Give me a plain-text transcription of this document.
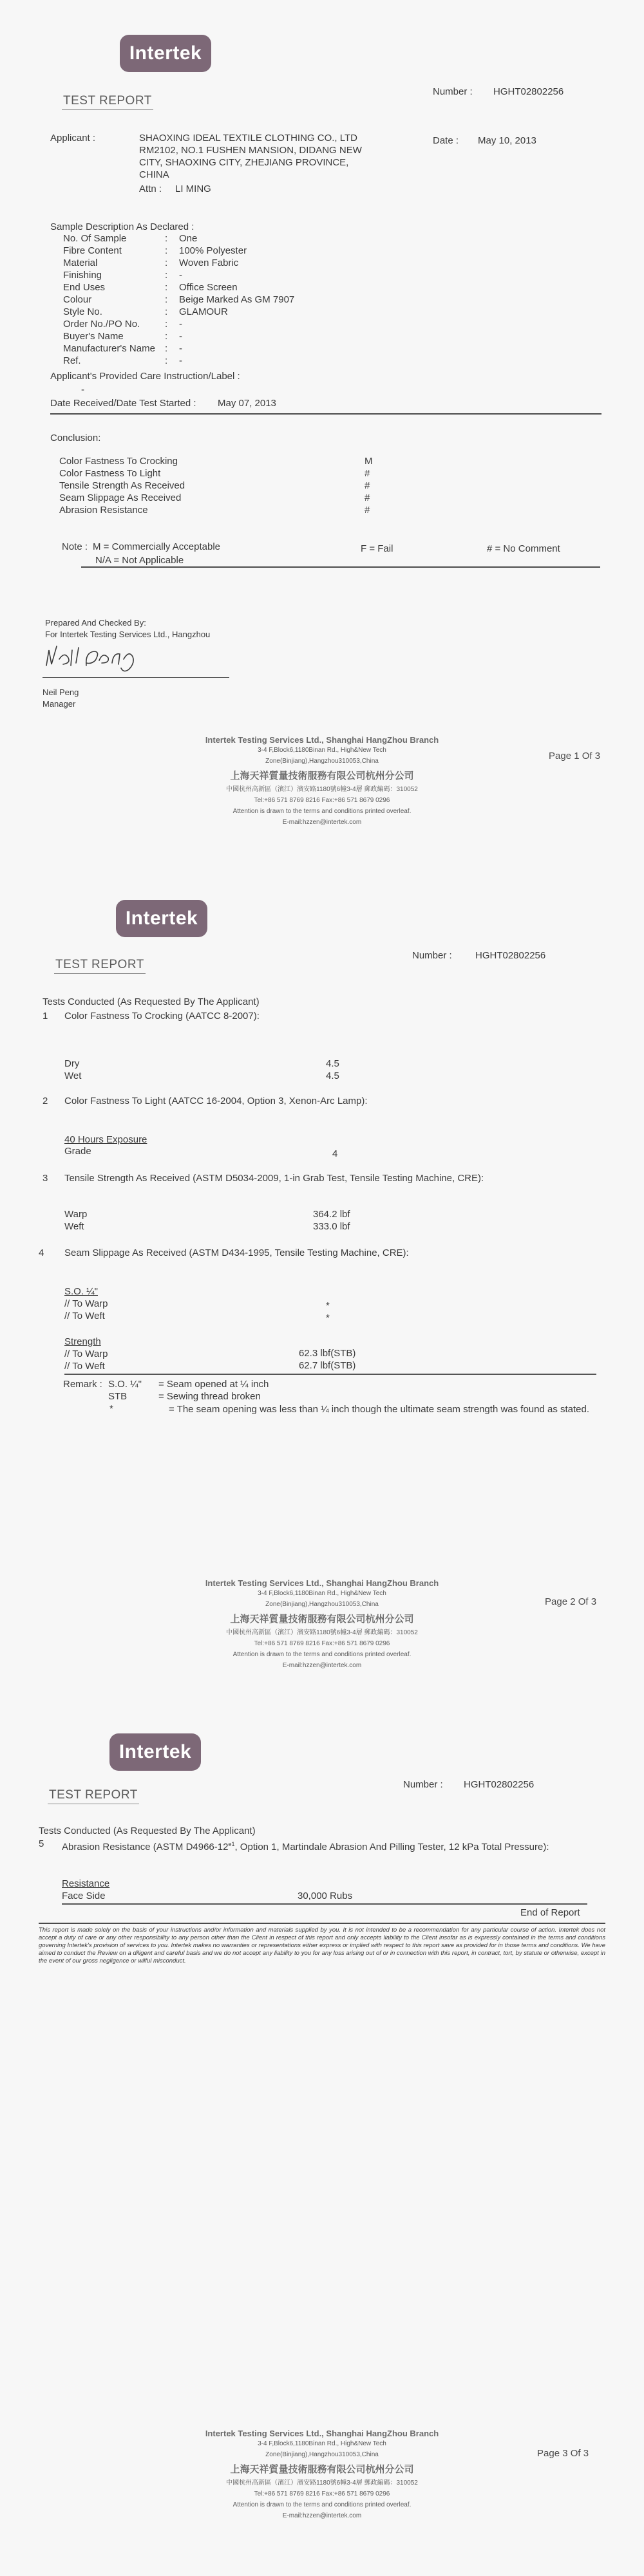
Intertek
TEST REPORT
Number : HGHT02802256
Applicant :	SHAOXING IDEAL TEXTILE CLOTHING CO., LTD
RM2102, NO.1 FUSHEN MANSION, DIDANG NEW
CITY, SHAOXING CITY, ZHEJIANG PROVINCE,
CHINA
Attn : LI MING
Date : May 10, 2013
Sample Description As Declared :
No. Of Sample	: One
Fibre Content	: 100% Polyester
Material	: Woven Fabric
Finishing	: -
End Uses	: Office Screen
Colour	: Beige Marked As GM 7907
Style No.	: GLAMOUR
Order No./PO No.	: -
Buyer's Name	: -
Manufacturer's Name : -
Ref.	: -
Applicant's Provided Care Instruction/Label :
-
Date Received/Date Test Started : May 07, 2013
Conclusion:
Color Fastness To Crocking	M
Color Fastness To Light	#
Tensile Strength As Received	#
Seam Slippage As Received	#
Abrasion Resistance	#
Note : M = Commercially Acceptable
N/A = Not Applicable
F = Fail	# = No Comment
Prepared And Checked By:
For Intertek Testing Services Ltd., Hangzhou
Neil Peng
Manager
Intertek Testing Services Ltd., Shanghai HangZhou Branch
3-4 F,Block6,1180Binan Rd., High&New Tech
Zone(Binjiang),Hangzhou310053,China
上海天祥質量技術服務有限公司杭州分公司
中國杭州高新區（濱江）濱安路1180號6幢3-4層 郵政編碼：310052
Tel:+86 571 8769 8216 Fax:+86 571 8679 0296
Attention is drawn to the terms and conditions printed overleaf.
E-mail:hzzen@intertek.com
Page 1 Of 3
Intertek
TEST REPORT
Number : HGHT02802256
Tests Conducted (As Requested By The Applicant)
1 Color Fastness To Crocking (AATCC 8-2007):
Dry	4.5
Wet	4.5
2 Color Fastness To Light (AATCC 16-2004, Option 3, Xenon-Arc Lamp):
40 Hours Exposure
Grade	4
3 Tensile Strength As Received (ASTM D5034-2009, 1-in Grab Test, Tensile Testing Machine, CRE):
Warp	364.2 lbf
Weft	333.0 lbf
4 Seam Slippage As Received (ASTM D434-1995, Tensile Testing Machine, CRE):
S.O. ¼"
// To Warp	*
// To Weft	*
Strength
// To Warp	62.3 lbf(STB)
// To Weft	62.7 lbf(STB)
Remark : S.O. ¼" = Seam opened at ¼ inch
STB	= Sewing thread broken
*	= The seam opening was less than ¼ inch though the ultimate seam strength was found as stated.
Intertek Testing Services Ltd., Shanghai HangZhou Branch
3-4 F,Block6,1180Binan Rd., High&New Tech
Zone(Binjiang),Hangzhou310053,China
上海天祥質量技術服務有限公司杭州分公司
中國杭州高新區（濱江）濱安路1180號6幢3-4層 郵政編碼：310052
Tel:+86 571 8769 8216 Fax:+86 571 8679 0296
Attention is drawn to the terms and conditions printed overleaf.
E-mail:hzzen@intertek.com
Page 2 Of 3
Intertek
TEST REPORT
Number : HGHT02802256
Tests Conducted (As Requested By The Applicant)
5 Abrasion Resistance (ASTM $D4966-12^{e1}$, Option 1, Martindale Abrasion And Pilling Tester, 12 kPa Total Pressure):
Resistance
Face Side	30,000 Rubs
End of Report
This report is made solely on the basis of your instructions and/or information and materials supplied by you. It is not intended to be a recommendation for any particular course of action. Intertek does not accept a duty of care or any other responsibility to any person other than the Client in respect of this report and only accepts liability to the Client insofar as is expressly contained in the terms and conditions governing Intertek's provision of services to you. Intertek makes no warranties or representations either express or implied with respect to this report save as provided for in those terms and conditions. We have aimed to conduct the Review on a diligent and careful basis and we do not accept any liability to you for any loss arising out of or in connection with this report, in contract, tort, by statute or otherwise, except in the event of our gross negligence or wilful misconduct.
Intertek Testing Services Ltd., Shanghai HangZhou Branch
3-4 F,Block6,1180Binan Rd., High&New Tech
Zone(Binjiang),Hangzhou310053,China
上海天祥質量技術服務有限公司杭州分公司
中國杭州高新區（濱江）濱安路1180號6幢3-4層 郵政編碼：310052
Tel:+86 571 8769 8216 Fax:+86 571 8679 0296
Attention is drawn to the terms and conditions printed overleaf.
E-mail:hzzen@intertek.com
Page 3 Of 3
